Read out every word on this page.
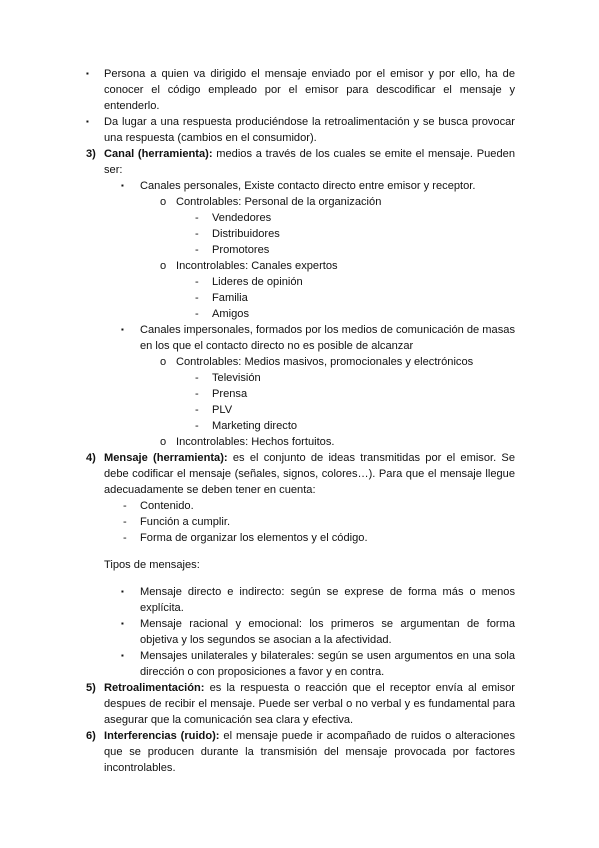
▪ Persona a quien va dirigido el mensaje enviado por el emisor y por ello, ha de conocer el código empleado por el emisor para descodificar el mensaje y entenderlo.
▪ Da lugar a una respuesta produciéndose la retroalimentación y se busca provocar una respuesta (cambios en el consumidor).
3) Canal (herramienta): medios a través de los cuales se emite el mensaje. Pueden ser:
▪ Canales personales, Existe contacto directo entre emisor y receptor.
o Controlables: Personal de la organización
- Vendedores
- Distribuidores
- Promotores
o Incontrolables: Canales expertos
- Lideres de opinión
- Familia
- Amigos
▪ Canales impersonales, formados por los medios de comunicación de masas en los que el contacto directo no es posible de alcanzar
o Controlables: Medios masivos, promocionales y electrónicos
- Televisión
- Prensa
- PLV
- Marketing directo
o Incontrolables: Hechos fortuitos.
4) Mensaje (herramienta): es el conjunto de ideas transmitidas por el emisor. Se debe codificar el mensaje (señales, signos, colores…). Para que el mensaje llegue adecuadamente se deben tener en cuenta:
- Contenido.
- Función a cumplir.
- Forma de organizar los elementos y el código.
Tipos de mensajes:
▪ Mensaje directo e indirecto: según se exprese de forma más o menos explícita.
▪ Mensaje racional y emocional: los primeros se argumentan de forma objetiva y los segundos se asocian a la afectividad.
▪ Mensajes unilaterales y bilaterales: según se usen argumentos en una sola dirección o con proposiciones a favor y en contra.
5) Retroalimentación: es la respuesta o reacción que el receptor envía al emisor despues de recibir el mensaje. Puede ser verbal o no verbal y es fundamental para asegurar que la comunicación sea clara y efectiva.
6) Interferencias (ruido): el mensaje puede ir acompañado de ruidos o alteraciones que se producen durante la transmisión del mensaje provocada por factores incontrolables.
